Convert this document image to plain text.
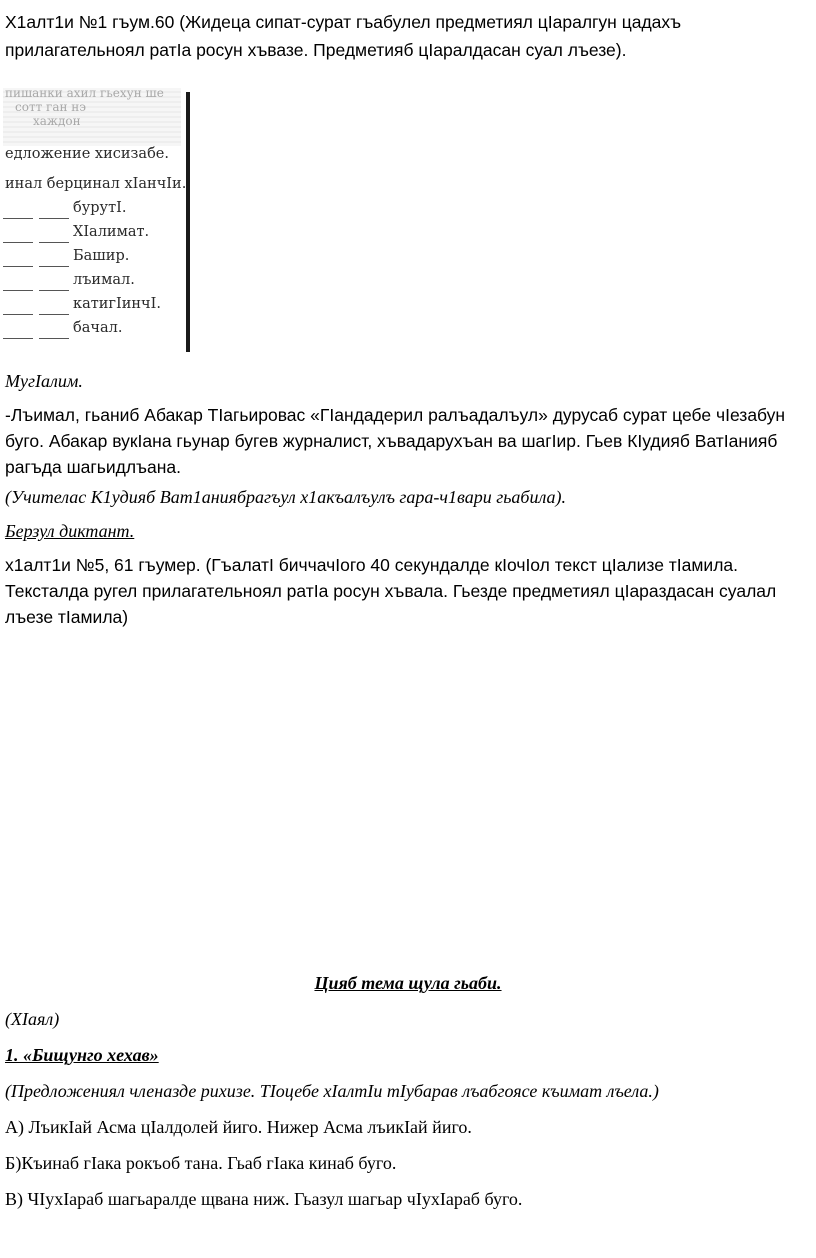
Х1алт1и №1 гъум.60 (Жидеца сипат-сурат гъабулел предметиял цІаралгун цадахъ прилагательноял ратІа росун хъвазе. Предметияб цІаралдасан суал лъезе).

пишанки ахил гьехун ше
сотт ган нэ
хаждон
едложение хисизабе.
инал берцинал хІанчІи.
бурутІ.
ХІалимат.
Башир.
лъимал.
катигІинчІ.
бачал.

МугІалим.

-Лъимал, гьаниб Абакар ТІагьировас «ГІандадерил ралъадалъул» дурусаб сурат цебе чІезабун буго. Абакар вукІана гьунар бугев журналист, хъвадарухъан ва шагІир. Гьев КІудияб ВатІанияб рагъда шагьидлъана.

(Учителас К1удияб Ват1аниябрагъул х1акъалъулъ гара-ч1вари гьабила).

Берзул диктант.

х1алт1и №5, 61 гъумер. (ГъалатІ биччачІого 40 секундалде кІочІол текст цІализе тІамила. Тексталда ругел прилагательноял ратІа росун хъвала. Гьезде предметиял цІараздасан суалал лъезе тІамила)

Цияб тема щула гьаби.

(ХІаял)

1. «Бищунго хехав»

(Предложениял членазде рихизе. ТІоцебе хІалтІи тІубарав лъабгоясе къимат лъела.)

А) ЛъикІай Асма цІалдолей йиго. Нижер Асма лъикІай йиго.

Б)Къинаб гІака рокъоб тана. Гьаб гІака кинаб буго.

В) ЧІухІараб шагьаралде щвана ниж. Гьазул шагьар чІухІараб буго.
